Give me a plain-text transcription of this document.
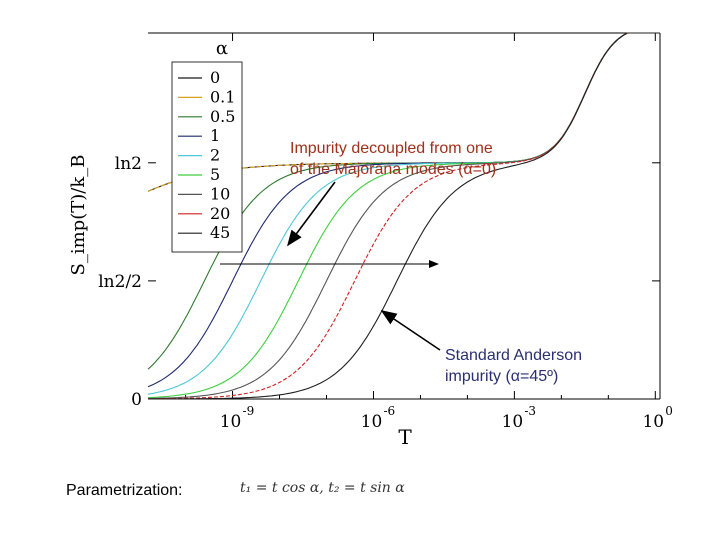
0
ln2/2
ln2
10
-9
10
-6
10
-3
10
0
α
0
0.1
0.5
1
2
5
10
20
45
T
S_imp(T)/k_B
Impurity decoupled from one
of the Majorana modes (α=0)
Standard Anderson
impurity (α=45º)
Parametrization:	t₁ = t cos α, t₂ = t sin α
